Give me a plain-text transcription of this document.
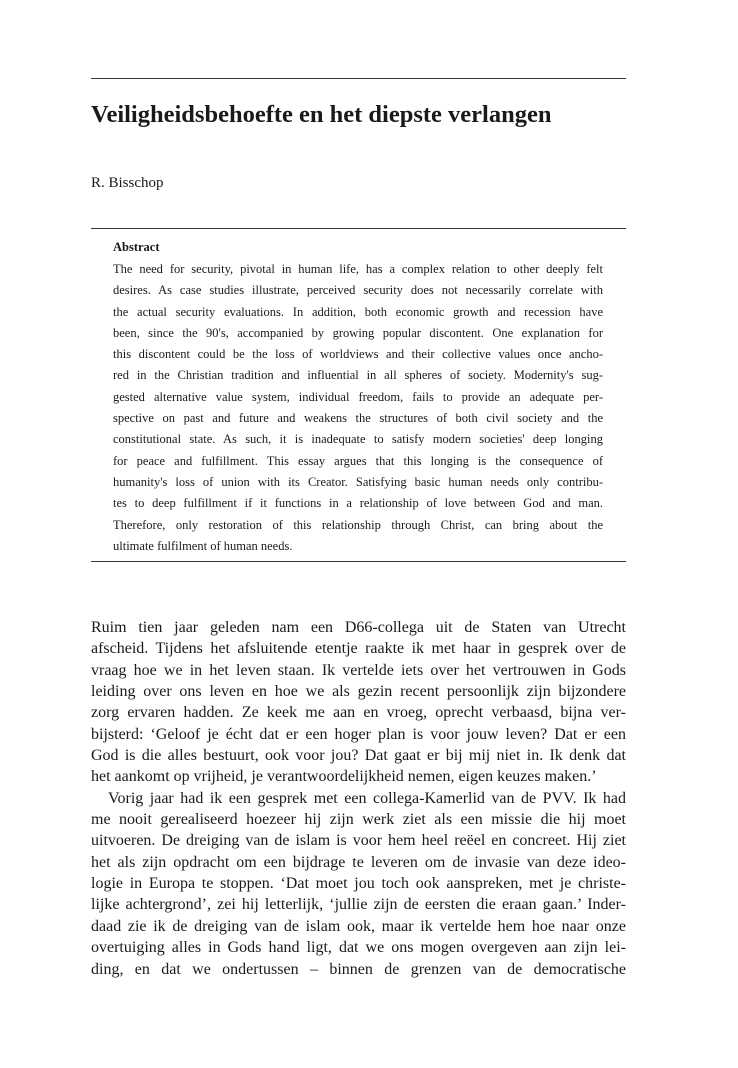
Veiligheidsbehoefte en het diepste verlangen

R. Bisschop

Abstract

The need for security, pivotal in human life, has a complex relation to other deeply felt
desires. As case studies illustrate, perceived security does not necessarily correlate with
the actual security evaluations. In addition, both economic growth and recession have
been, since the 90's, accompanied by growing popular discontent. One explanation for
this discontent could be the loss of worldviews and their collective values once ancho-
red in the Christian tradition and influential in all spheres of society. Modernity's sug-
gested alternative value system, individual freedom, fails to provide an adequate per-
spective on past and future and weakens the structures of both civil society and the
constitutional state. As such, it is inadequate to satisfy modern societies' deep longing
for peace and fulfillment. This essay argues that this longing is the consequence of
humanity's loss of union with its Creator. Satisfying basic human needs only contribu-
tes to deep fulfillment if it functions in a relationship of love between God and man.
Therefore, only restoration of this relationship through Christ, can bring about the
ultimate fulfilment of human needs.
Ruim tien jaar geleden nam een D66-collega uit de Staten van Utrecht
afscheid. Tijdens het afsluitende etentje raakte ik met haar in gesprek over de
vraag hoe we in het leven staan. Ik vertelde iets over het vertrouwen in Gods
leiding over ons leven en hoe we als gezin recent persoonlijk zijn bijzondere
zorg ervaren hadden. Ze keek me aan en vroeg, oprecht verbaasd, bijna ver-
bijsterd: ‘Geloof je écht dat er een hoger plan is voor jouw leven? Dat er een
God is die alles bestuurt, ook voor jou? Dat gaat er bij mij niet in. Ik denk dat
het aankomt op vrijheid, je verantwoordelijkheid nemen, eigen keuzes maken.’
Vorig jaar had ik een gesprek met een collega-Kamerlid van de PVV. Ik had
me nooit gerealiseerd hoezeer hij zijn werk ziet als een missie die hij moet
uitvoeren. De dreiging van de islam is voor hem heel reëel en concreet. Hij ziet
het als zijn opdracht om een bijdrage te leveren om de invasie van deze ideo-
logie in Europa te stoppen. ‘Dat moet jou toch ook aanspreken, met je christe-
lijke achtergrond’, zei hij letterlijk, ‘jullie zijn de eersten die eraan gaan.’ Inder-
daad zie ik de dreiging van de islam ook, maar ik vertelde hem hoe naar onze
overtuiging alles in Gods hand ligt, dat we ons mogen overgeven aan zijn lei-
ding, en dat we ondertussen – binnen de grenzen van de democratische
